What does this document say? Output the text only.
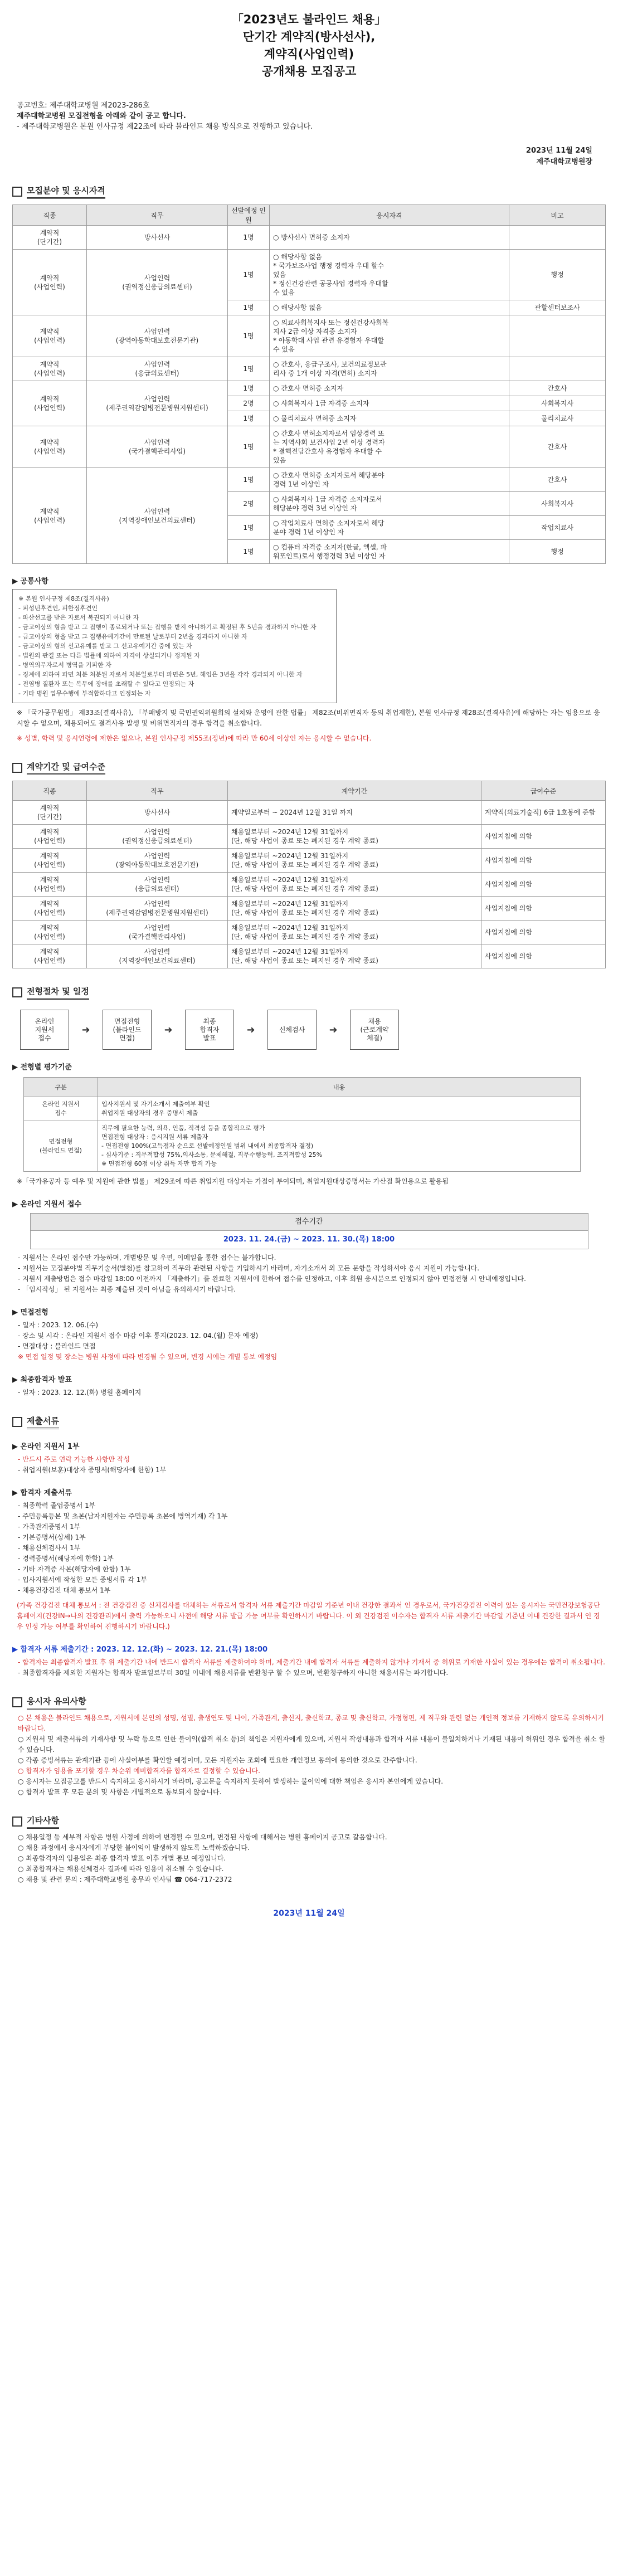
「2023년도 불라인드 채용」
단기간 계약직(방사선사),
계약직(사업인력)
공개채용 모집공고
공고번호: 제주대학교병원 제2023-286호
제주대학교병원 모집전형을 아래와 같이 공고 합니다.
- 제주대학교병원은 본원 인사규정 제22조에 따라 블라인드 채용 방식으로 진행하고 있습니다.
2023년 11월 24일
제주대학교병원장
모집분야 및 응시자격
직종	직무	선발예정 인원	응시자격	비고
계약직
(단기간)	방사선사	1명	○ 방사선사 면허증 소지자	
계약직
(사업인력)	사업인력
(권역정신응급의료센터)	1명	○ 해당사항 없음
* 국가보조사업 행정 경력자 우대 할수
있음
* 정신건강관련 공공사업 경력자 우대할
수 있음	행정
		1명	○ 해당사항 없음	관할센터보조사
계약직
(사업인력)	사업인력
(광역아동학대보호전문기관)	1명	○ 의료사회복지사 또는 정신건강사회복
지사 2급 이상 자격증 소지자
* 아동학대 사업 관련 유경험자 우대할
수 있음	
계약직
(사업인력)	사업인력
(응급의료센터)	1명	○ 간호사, 응급구조사, 보건의료정보관
리사 중 1개 이상 자격(면허) 소지자	
계약직
(사업인력)	사업인력
(제주권역감염병전문병원지원센터)	1명	○ 간호사 면허증 소지자	간호사
		2명	○ 사회복지사 1급 자격증 소지자	사회복지사
		1명	○ 물리치료사 면허증 소지자	물리치료사
계약직
(사업인력)	사업인력
(국가결핵관리사업)	1명	○ 간호사 면허소지자로서 임상경력 또
는 지역사회 보건사업 2년 이상 경력자
* 결핵전담간호사 유경험자 우대할 수
있음	간호사
계약직
(사업인력)	사업인력
(지역장애인보건의료센터)	1명	○ 간호사 면허증 소지자로서 해당분야
경력 1년 이상인 자	간호사
		2명	○ 사회복지사 1급 자격증 소지자로서
해당분야 경력 3년 이상인 자	사회복지사
		1명	○ 작업치료사 면허증 소지자로서 해당
분야 경력 1년 이상인 자	작업치료사
		1명	○ 컴퓨터 자격증 소지자(한글, 엑셀, 파
워포인트)로서 행정경력 3년 이상인 자	행정
▶ 공통사항
※ 본원 인사규정 제8조(결격사유)
- 피성년후견인, 피한정후견인
- 파산선고를 받은 자로서 복권되지 아니한 자
- 금고이상의 형을 받고 그 집행이 종료되거나 또는 집행을 받지 아니하기로 확정된 후 5년을 경과하지 아니한 자
- 금고이상의 형을 받고 그 집행유예기간이 만료된 날로부터 2년을 경과하지 아니한 자
- 금고이상의 형의 선고유예를 받고 그 선고유예기간 중에 있는 자
- 법원의 판결 또는 다른 법률에 의하여 자격이 상실되거나 정지된 자
- 병역의무자로서 병역을 기피한 자
- 징계에 의하여 파면 처분 처분된 자로서 처분일로부터 파면은 5년, 해임은 3년을 각각 경과되지 아니한 자
- 전염병 질환자 또는 복무에 장애를 초래할 수 있다고 인정되는 자
- 기타 병원 업무수행에 부적합하다고 인정되는 자
※ 「국가공무원법」 제33조(결격사유), 「부패방지 및 국민권익위원회의 설치와 운영에 관한 법률」 제82조(비위면직자 등의 취업제한), 본원 인사규정 제28조(결격사유)에 해당하는 자는 임용으로 응시할 수 없으며, 채용되어도 결격사유 발생 및 비위면직자의 경우 합격을 취소합니다.
※ 성별, 학력 및 응시연령에 제한은 없으나, 본원 인사규정 제55조(정년)에 따라 만 60세 이상인 자는 응시할 수 없습니다.
계약기간 및 급여수준
직종	직무	계약기간	급여수준
계약직
(단기간)	방사선사	계약일로부터 ~ 2024년 12월 31일 까지	계약직(의료기술직) 6급 1호봉에 준함
계약직
(사업인력)	사업인력
(권역정신응급의료센터)	채용일로부터 ~2024년 12월 31일까지
(단, 해당 사업이 종료 또는 폐지된 경우 계약 종료)	사업지침에 의함
계약직
(사업인력)	사업인력
(광역아동학대보호전문기관)	채용일로부터 ~2024년 12월 31일까지
(단, 해당 사업이 종료 또는 폐지된 경우 계약 종료)	사업지침에 의함
계약직
(사업인력)	사업인력
(응급의료센터)	채용일로부터 ~2024년 12월 31일까지
(단, 해당 사업이 종료 또는 폐지된 경우 계약 종료)	사업지침에 의함
계약직
(사업인력)	사업인력
(제주권역감염병전문병원지원센터)	채용일로부터 ~2024년 12월 31일까지
(단, 해당 사업이 종료 또는 폐지된 경우 계약 종료)	사업지침에 의함
계약직
(사업인력)	사업인력
(국가결핵관리사업)	채용일로부터 ~2024년 12월 31일까지
(단, 해당 사업이 종료 또는 폐지된 경우 계약 종료)	사업지침에 의함
계약직
(사업인력)	사업인력
(지역장애인보건의료센터)	채용일로부터 ~2024년 12월 31일까지
(단, 해당 사업이 종료 또는 폐지된 경우 계약 종료)	사업지침에 의함
전형절차 및 일정
온라인
지원서
접수
➜
면접전형
(블라인드
면접)
➜
최종
합격자
발표
➜	신체검사	➜
채용
(근로계약
체결)
▶ 전형별 평가기준
구분	내용
온라인 지원서
접수	입사지원서 및 자기소개서 제출여부 확인
취업지원 대상자의 경우 증명서 제출
면접전형
(블라인드 면접)	직무에 필요한 능력, 의욕, 인품, 적격성 등을 종합적으로 평가
면접전형 대상자 : 응시지원 서류 제출자
- 면접전형 100%(고득점자 순으로 선발예정인원 범위 내에서 최종합격자 결정)
- 심사기준 : 직무적합성 75%,의사소통, 문제해결, 직무수행능력, 조직적합성 25%
※ 면접전형 60점 이상 취득 자만 합격 가능
※「국가유공자 등 예우 및 지원에 관한 법률」 제29조에 따른 취업지원 대상자는 가점이 부여되며, 취업지원대상증명서는 가산점 확인용으로 활용됨
▶ 온라인 지원서 접수
접수기간
2023. 11. 24.(금) ~ 2023. 11. 30.(목) 18:00
- 지원서는 온라인 접수만 가능하며, 개별방문 및 우편, 이메일을 통한 접수는 불가합니다.
- 지원서는 모집분야별 직무기술서(별첨)를 참고하여 직무와 관련된 사항을 기입하시기 바라며, 자기소개서 외 모든 문항을 작성하셔야 응시 지원이 가능합니다.
- 지원서 제출방법은 접수 마감일 18:00 이전까지 「제출하기」를 완료한 지원서에 한하여 접수를 인정하고, 이후 회원 응시분으로 인정되지 않아 면접전형 시 안내예정입니다.
- 「임시작성」 된 지원서는 최종 제출된 것이 아님을 유의하시기 바랍니다.
▶ 면접전형
- 일자 : 2023. 12. 06.(수)
- 장소 및 시각 : 온라인 지원서 접수 마감 이후 통지(2023. 12. 04.(월) 문자 예정)
- 면접대상 : 블라인드 면접
※ 면접 일정 및 장소는 병원 사정에 따라 변경될 수 있으며, 변경 시에는 개별 통보 예정임
▶ 최종합격자 발표
- 일자 : 2023. 12. 12.(화) 병원 홈페이지
제출서류
▶ 온라인 지원서 1부
- 반드시 주로 연락 가능한 사항만 작성
- 취업지원(보훈)대상자 증명서(해당자에 한함) 1부
▶ 합격자 제출서류
- 최종학력 졸업증명서 1부
- 주민등록등본 및 초본(남자지원자는 주민등록 초본에 병역기재) 각 1부
- 가족관계증명서 1부
- 기본증명서(상세) 1부
- 채용신체검사서 1부
- 경력증명서(해당자에 한함) 1부
- 기타 자격증 사본(해당자에 한함) 1부
- 입사지원서에 작성한 모든 증빙서류 각 1부
- 채용건강검진 대체 통보서 1부
(가족 건강검진 대체 통보서 : 전 건강검진 중 신체검사를 대체하는 서류로서 합격자 서류 제출기간 마감일 기준년 이내 건강한 결과서 인 경우로서, 국가건강검진 이력이 있는 응시자는 국민건강보험공단 홈페이지(건강iN→나의 건강관리)에서 출력 가능하오니 사전에 해당 서류 발급 가능 여부를 확인하시기 바랍니다. 이 외 건강검진 이수자는 합격자 서류 제출기간 마감일 기준년 이내 건강한 결과서 인 경우 인정 가능 여부를 확인하여 진행하시기 바랍니다.)
▶ 합격자 서류 제출기간 : 2023. 12. 12.(화) ~ 2023. 12. 21.(목) 18:00
- 합격자는 최종합격자 발표 후 위 제출기간 내에 반드시 합격자 서류를 제출하여야 하며, 제출기간 내에 합격자 서류를 제출하지 않거나 기재서 중 허위로 기재한 사실이 있는 경우에는 합격이 취소됩니다.
- 최종합격자를 제외한 지원자는 합격자 발표일로부터 30일 이내에 채용서류를 반환청구 할 수 있으며, 반환청구하지 아니한 채용서류는 파기합니다.
응시자 유의사항
○ 본 채용은 불라인드 채용으로, 지원서에 본인의 성명, 성별, 출생연도 및 나이, 가족관계, 출신지, 출신학교, 종교 및 출신학교, 가정형편, 제 직무와 관련 없는 개인적 정보를 기재하지 않도록 유의하시기 바랍니다.
○ 지원서 및 제출서류의 기재사항 및 누락 등으로 인한 불이익(합격 취소 등)의 책임은 지원자에게 있으며, 지원서 작성내용과 합격자 서류 내용이 불일치하거나 기재된 내용이 허위인 경우 합격을 취소 할 수 있습니다.
○ 각종 증빙서류는 관계기관 등에 사실여부를 확인할 예정이며, 모든 지원자는 조회에 필요한 개인정보 동의에 동의한 것으로 간주합니다.
○ 합격자가 임용을 포기할 경우 차순위 예비합격자를 합격자로 결정할 수 있습니다.
○ 응시자는 모집공고를 반드시 숙지하고 응시하시기 바라며, 공고문을 숙지하지 못하여 발생하는 불이익에 대한 책임은 응시자 본인에게 있습니다.
○ 합격자 발표 후 모든 문의 및 사항은 개별적으로 통보되지 않습니다.
기타사항
○ 채용일정 등 세부적 사항은 병원 사정에 의하여 변경될 수 있으며, 변경된 사항에 대해서는 병원 홈페이지 공고로 갈음합니다.
○ 채용 과정에서 응시자에게 부당한 불이익이 발생하지 않도록 노력하겠습니다.
○ 최종합격자의 임용일은 최종 합격자 발표 이후 개별 통보 예정입니다.
○ 최종합격자는 채용신체검사 결과에 따라 임용이 취소될 수 있습니다.
○ 채용 및 관련 문의 : 제주대학교병원 총무과 인사팀 ☎ 064-717-2372
2023년 11월 24일
